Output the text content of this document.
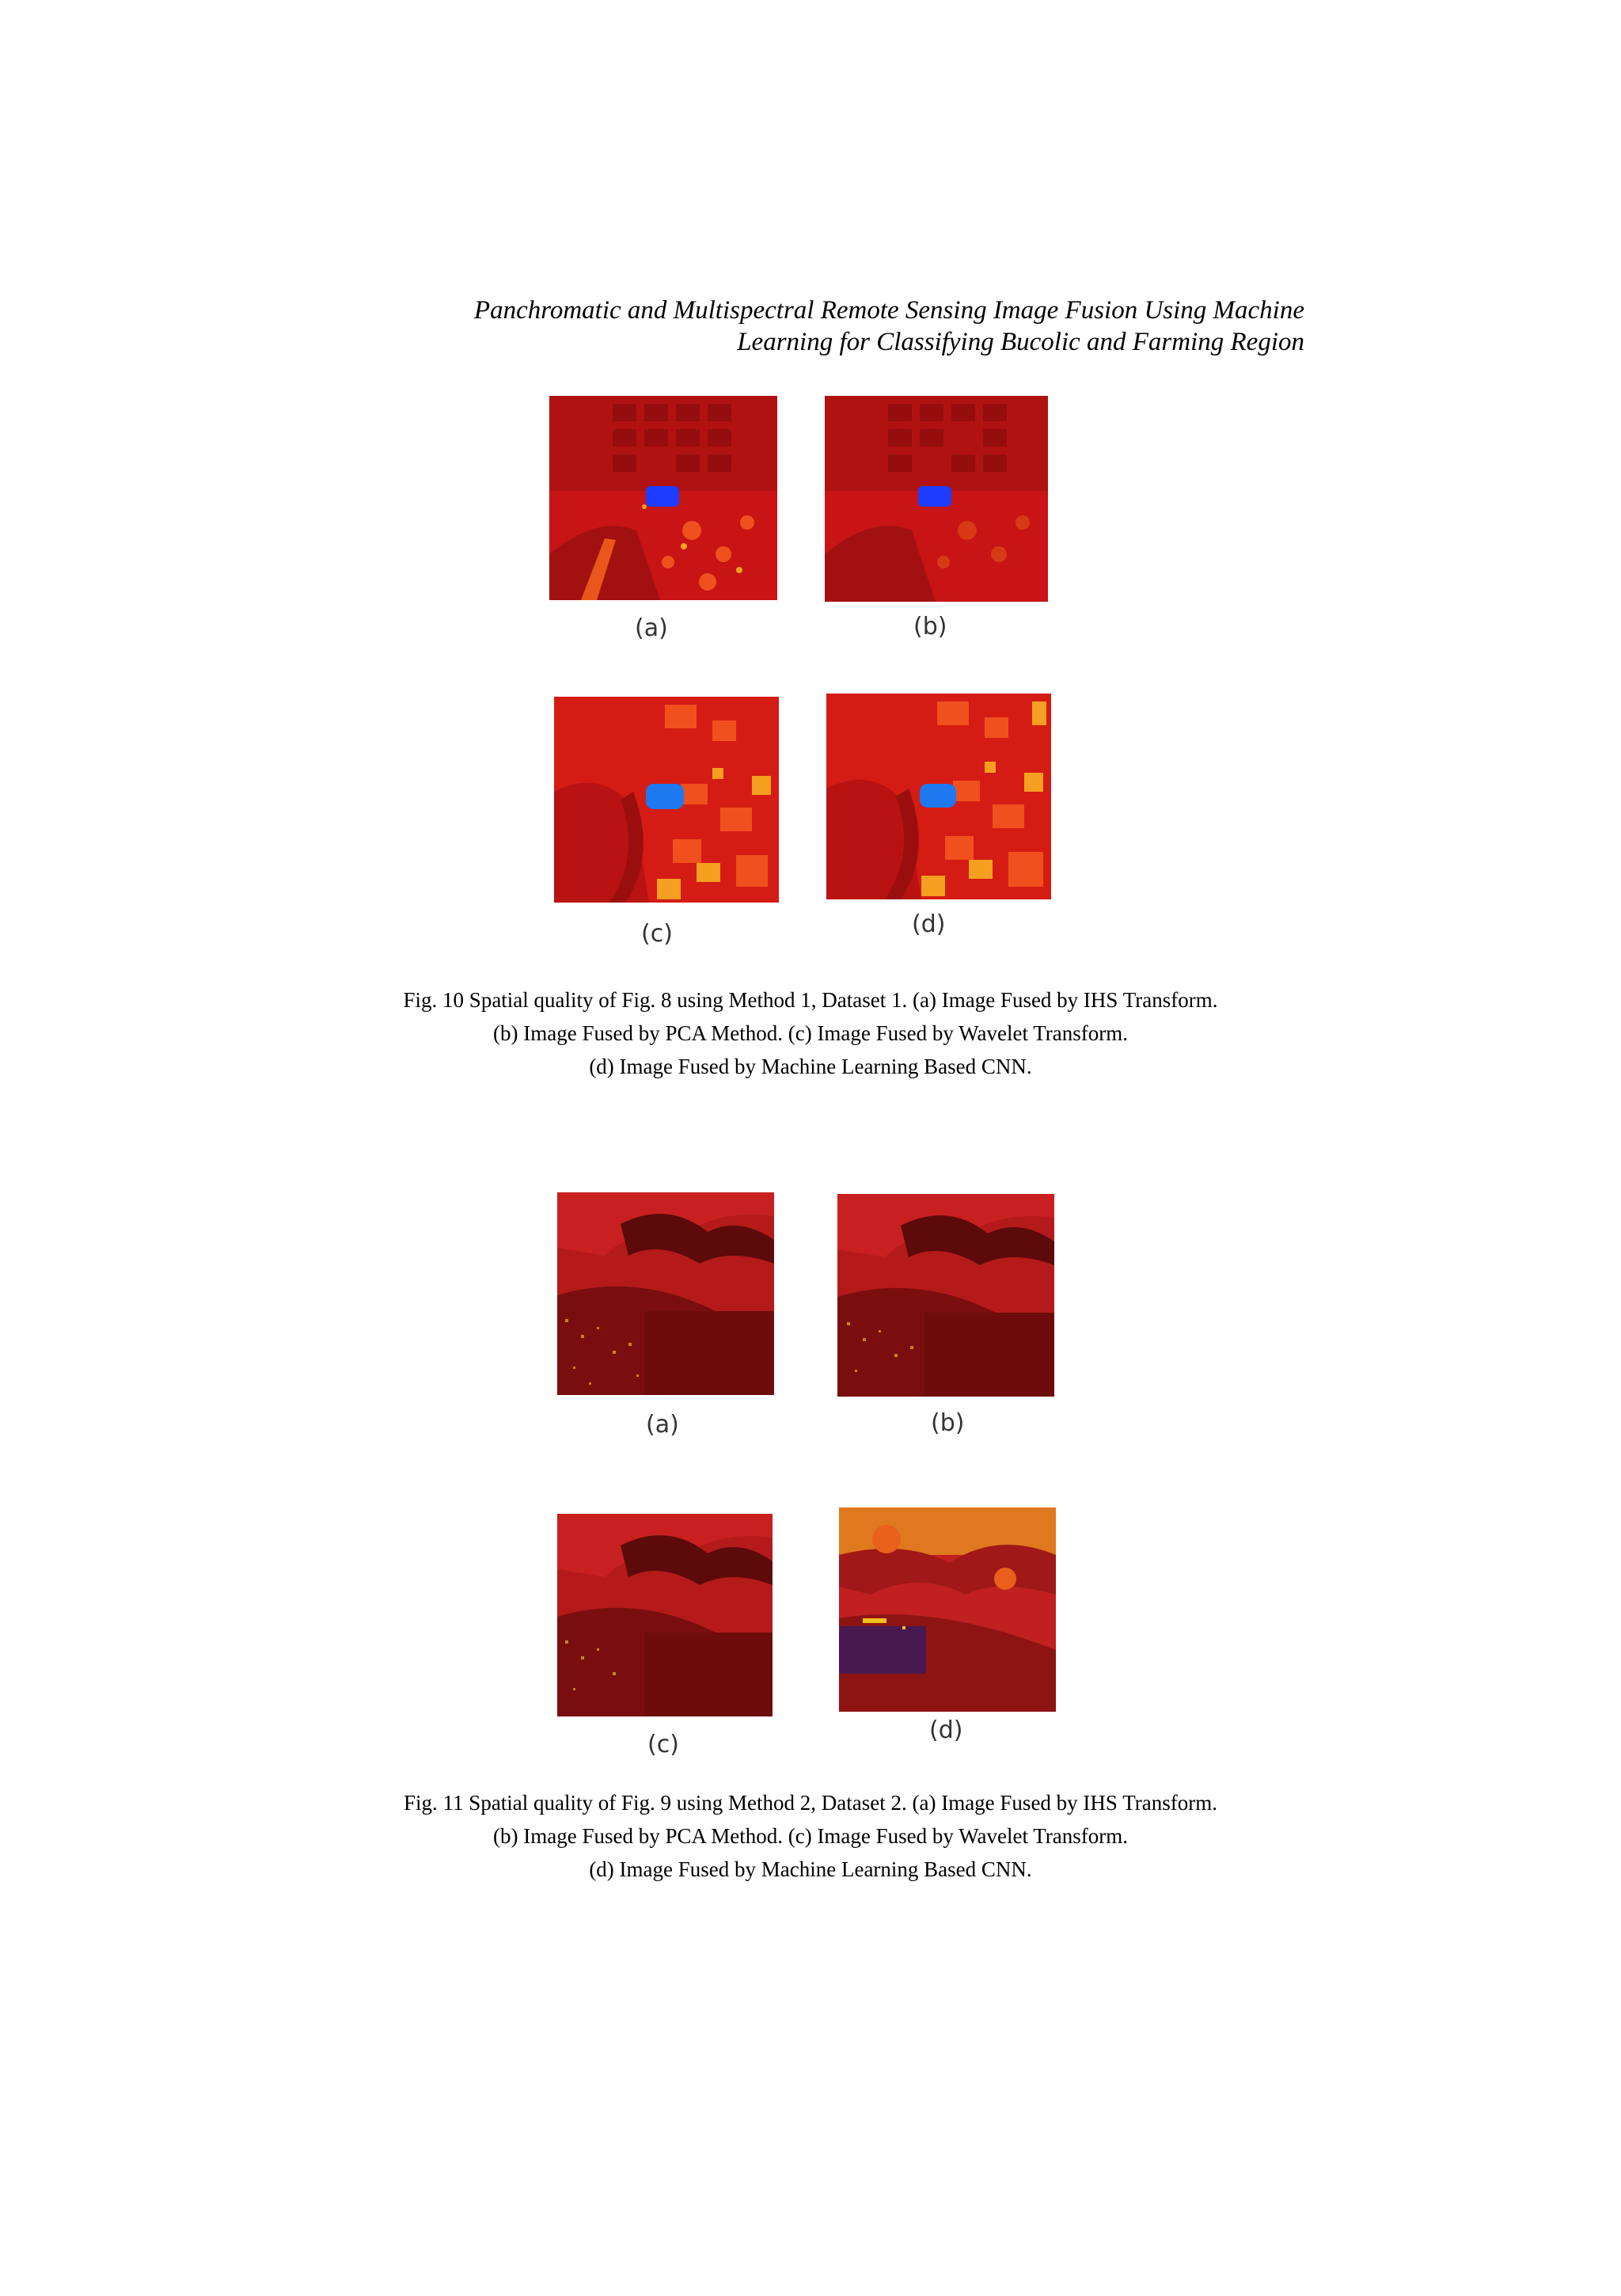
Panchromatic and Multispectral Remote Sensing Image Fusion Using Machine
Learning for Classifying Bucolic and Farming Region
(a)	(b)
(c)	(d)
Fig. 10 Spatial quality of Fig. 8 using Method 1, Dataset 1. (a) Image Fused by IHS Transform.
(b) Image Fused by PCA Method. (c) Image Fused by Wavelet Transform.
(d) Image Fused by Machine Learning Based CNN.
(a)	(b)
(c)
(d)
Fig. 11 Spatial quality of Fig. 9 using Method 2, Dataset 2. (a) Image Fused by IHS Transform.
(b) Image Fused by PCA Method. (c) Image Fused by Wavelet Transform.
(d) Image Fused by Machine Learning Based CNN.
